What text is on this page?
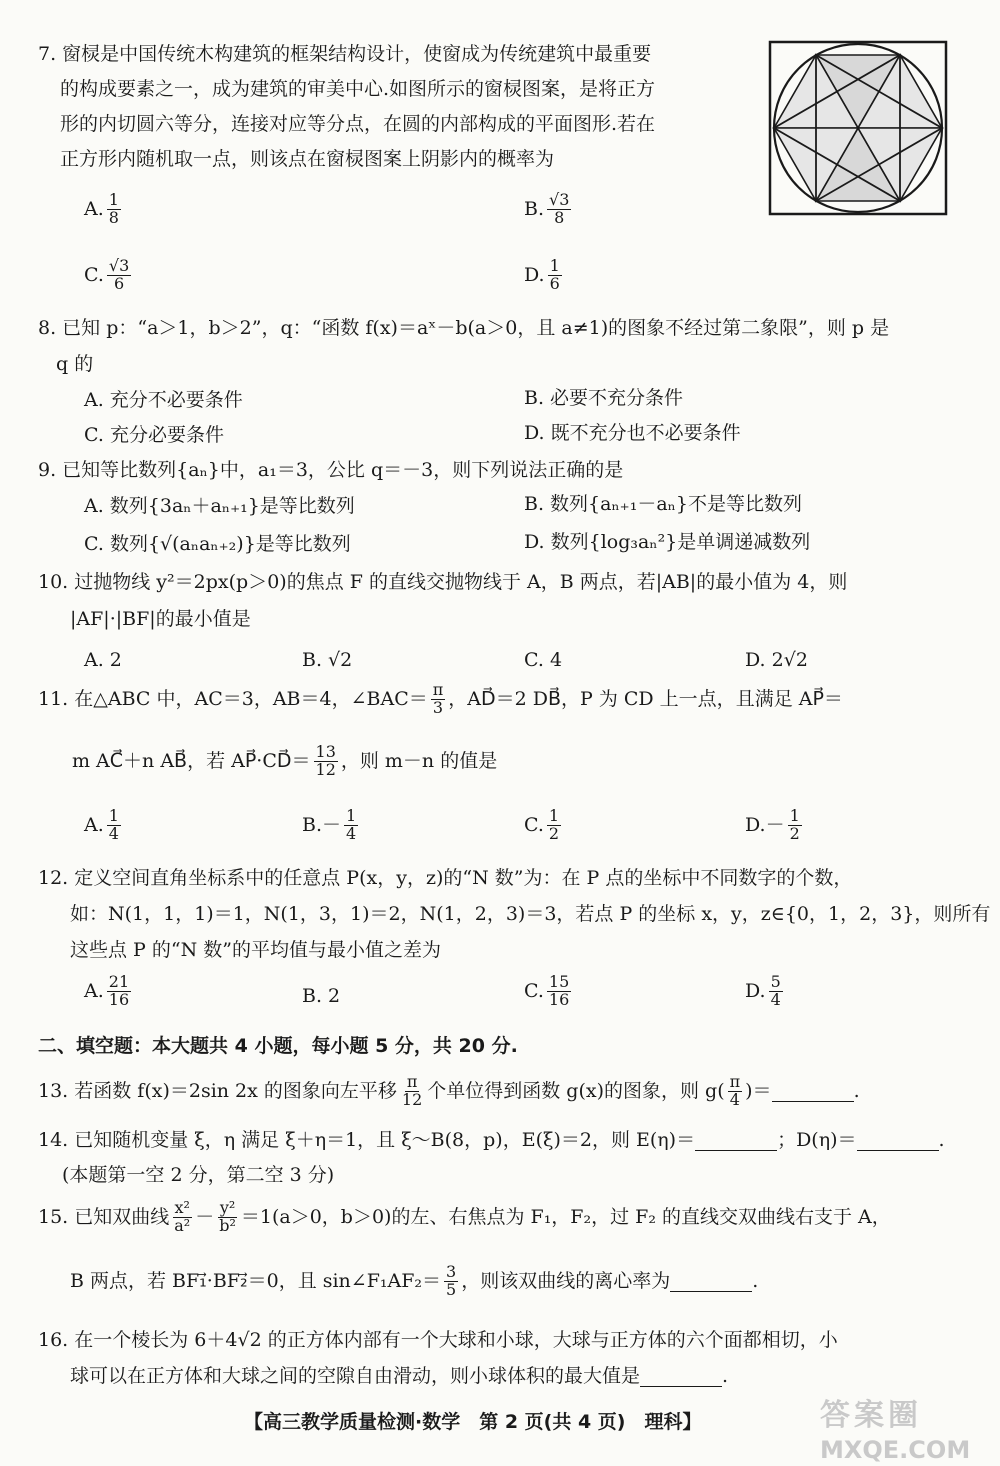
7. 窗棂是中国传统木构建筑的框架结构设计，使窗成为传统建筑中最重要
的构成要素之一，成为建筑的审美中心.如图所示的窗棂图案，是将正方
形的内切圆六等分，连接对应等分点，在圆的内部构成的平面图形.若在
正方形内随机取一点，则该点在窗棂图案上阴影内的概率为
A. $\frac{1}{8}$	B. $\frac{√3}{8}$
C. $\frac{√3}{6}$	D. $\frac{1}{6}$
8. 已知 p：“a＞1，b＞2”，q：“函数 f(x)＝aˣ－b(a＞0，且 a≠1)的图象不经过第二象限”，则 p 是
q 的
A. 充分不必要条件	B. 必要不充分条件
C. 充分必要条件	D. 既不充分也不必要条件
9. 已知等比数列{aₙ}中，a₁＝3，公比 q＝－3，则下列说法正确的是
A. 数列{3aₙ＋aₙ₊₁}是等比数列	B. 数列{aₙ₊₁－aₙ}不是等比数列
C. 数列{√(aₙaₙ₊₂)}是等比数列	D. 数列{log₃aₙ²}是单调递减数列
10. 过抛物线 y²＝2px(p＞0)的焦点 F 的直线交抛物线于 A，B 两点，若|AB|的最小值为 4，则
|AF|·|BF|的最小值是
A. 2	B. √2	C. 4	D. 2√2
11. 在△ABC 中，AC＝3，AB＝4，∠BAC＝ $\frac{\pi}{3}$ ，AD⃗＝2 DB⃗，P 为 CD 上一点，且满足 AP⃗＝
m AC⃗＋n AB⃗，若 AP⃗·CD⃗＝ $\frac{13}{12}$ ，则 m－n 的值是
A. $\frac{1}{4}$	B. － $\frac{1}{4}$	C. $\frac{1}{2}$	D. － $\frac{1}{2}$
12. 定义空间直角坐标系中的任意点 P(x，y，z)的“N 数”为：在 P 点的坐标中不同数字的个数，
如：N(1，1，1)＝1，N(1，3，1)＝2，N(1，2，3)＝3，若点 P 的坐标 x，y，z∈{0，1，2，3}，则所有
这些点 P 的“N 数”的平均值与最小值之差为
A. $\frac{21}{16}$	B. 2	C. $\frac{15}{16}$	D. $\frac{5}{4}$
二、填空题：本大题共 4 小题，每小题 5 分，共 20 分.
13. 若函数 f(x)＝2sin 2x 的图象向左平移 $\frac{\pi}{12}$ 个单位得到函数 g(x)的图象，则 $g( \frac{\pi}{4}$ )＝	.
14. 已知随机变量 ξ，η 满足 ξ＋η＝1，且 ξ～B(8，p)，E(ξ)＝2，则 E(η)＝	；D(η)＝	.
(本题第一空 2 分，第二空 3 分)
15. 已知双曲线 $\frac{\text{x²}}{\text{a²}} - \frac{\text{y²}}{\text{b²}} =1(a>0$，b＞0)的左、右焦点为 F₁，F₂，过 F₂ 的直线交双曲线右支于 A，
B 两点，若 BF₁⃗·BF₂⃗＝0，且 sin∠F₁AF₂＝ $\frac{3}{5}$ ，则该双曲线的离心率为	.
16. 在一个棱长为 6＋4√2 的正方体内部有一个大球和小球，大球与正方体的六个面都相切，小
球可以在正方体和大球之间的空隙自由滑动，则小球体积的最大值是	.
【高三教学质量检测·数学　第 2 页(共 4 页)　理科】	答案圈
MXQE.COM
